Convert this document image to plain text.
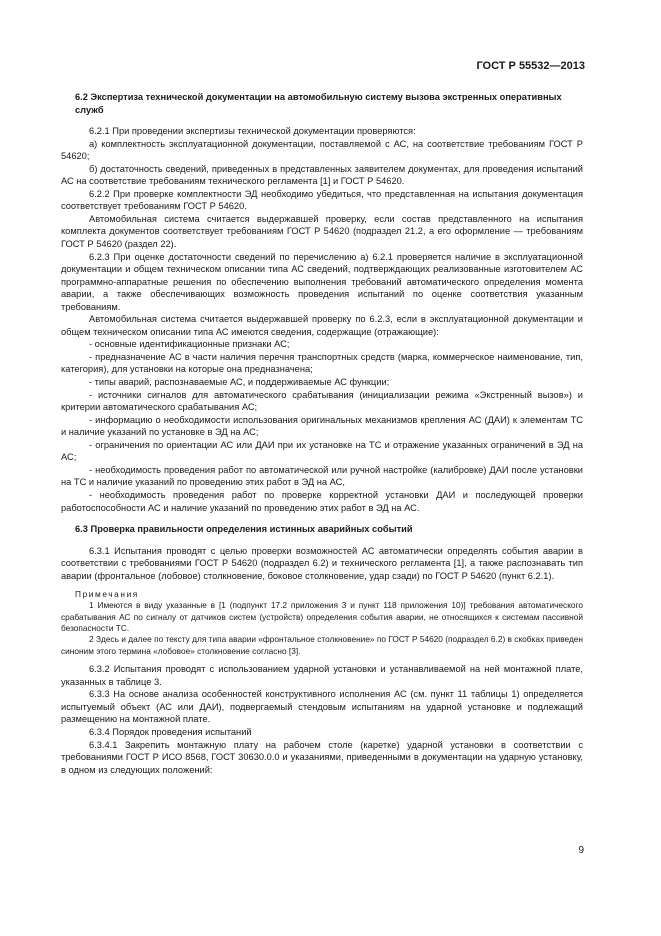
ГОСТ Р 55532—2013

6.2 Экспертиза технической документации на автомобильную систему вызова экстренных оперативных служб

6.2.1 При проведении экспертизы технической документации проверяются:

а) комплектность эксплуатационной документации, поставляемой с АС, на соответствие требованиям ГОСТ Р 54620;

б) достаточность сведений, приведенных в представленных заявителем документах, для проведения испытаний АС на соответствие требованиям технического регламента [1] и ГОСТ Р 54620.

6.2.2 При проверке комплектности ЭД необходимо убедиться, что представленная на испытания документация соответствует требованиям ГОСТ Р 54620.

Автомобильная система считается выдержавшей проверку, если состав представленного на испытания комплекта документов соответствует требованиям ГОСТ Р 54620 (подраздел 21.2, а его оформление — требованиям ГОСТ Р 54620 (раздел 22).

6.2.3 При оценке достаточности сведений по перечислению а) 6.2.1 проверяется наличие в эксплуатационной документации и общем техническом описании типа АС сведений, подтверждающих реализованные изготовителем АС программно-аппаратные решения по обеспечению выполнения требований автоматического определения момента аварии, а также обеспечивающих возможность проведения испытаний по оценке соответствия указанным требованиям.

Автомобильная система считается выдержавшей проверку по 6.2.3, если в эксплуатационной документации и общем техническом описании типа АС имеются сведения, содержащие (отражающие):

- основные идентификационные признаки АС;

- предназначение АС в части наличия перечня транспортных средств (марка, коммерческое наименование, тип, категория), для установки на которые она предназначена;

- типы аварий, распознаваемые АС, и поддерживаемые АС функции;

- источники сигналов для автоматического срабатывания (инициализации режима «Экстренный вызов») и критерии автоматического срабатывания АС;

- информацию о необходимости использования оригинальных механизмов крепления АС (ДАИ) к элементам ТС и наличие указаний по установке в ЭД на АС;

- ограничения по ориентации АС или ДАИ при их установке на ТС и отражение указанных ограничений в ЭД на АС;

- необходимость проведения работ по автоматической или ручной настройке (калибровке) ДАИ после установки на ТС и наличие указаний по проведению этих работ в ЭД на АС,

- необходимость проведения работ по проверке корректной установки ДАИ и последующей проверки работоспособности АС и наличие указаний по проведению этих работ в ЭД на АС.

6.3 Проверка правильности определения истинных аварийных событий

6.3.1 Испытания проводят с целью проверки возможностей АС автоматически определять события аварии в соответствии с требованиями ГОСТ Р 54620 (подраздел 6.2) и технического регламента [1], а также распознавать тип аварии (фронтальное (лобовое) столкновение, боковое столкновение, удар сзади) по ГОСТ Р 54620 (пункт 6.2.1).

Примечания

1 Имеются в виду указанные в [1 (подпункт 17.2 приложения 3 и пункт 118 приложения 10)] требования автоматического срабатывания АС по сигналу от датчиков систем (устройств) определения события аварии, не относящихся к системам пассивной безопасности ТС.

2 Здесь и далее по тексту для типа аварии «фронтальное столкновение» по ГОСТ Р 54620 (подраздел 6.2) в скобках приведен синоним этого термина «лобовое» столкновение согласно [3].

6.3.2 Испытания проводят с использованием ударной установки и устанавливаемой на ней монтажной плате, указанных в таблице 3.

6.3.3 На основе анализа особенностей конструктивного исполнения АС (см. пункт 11 таблицы 1) определяется испытуемый объект (АС или ДАИ), подвергаемый стендовым испытаниям на ударной установке и подлежащий размещению на монтажной плате.

6.3.4 Порядок проведения испытаний

6.3.4.1 Закрепить монтажную плату на рабочем столе (каретке) ударной установки в соответствии с требованиями ГОСТ Р ИСО 8568, ГОСТ 30630.0.0 и указаниями, приведенными в документации на ударную установку, в одном из следующих положений:

9
